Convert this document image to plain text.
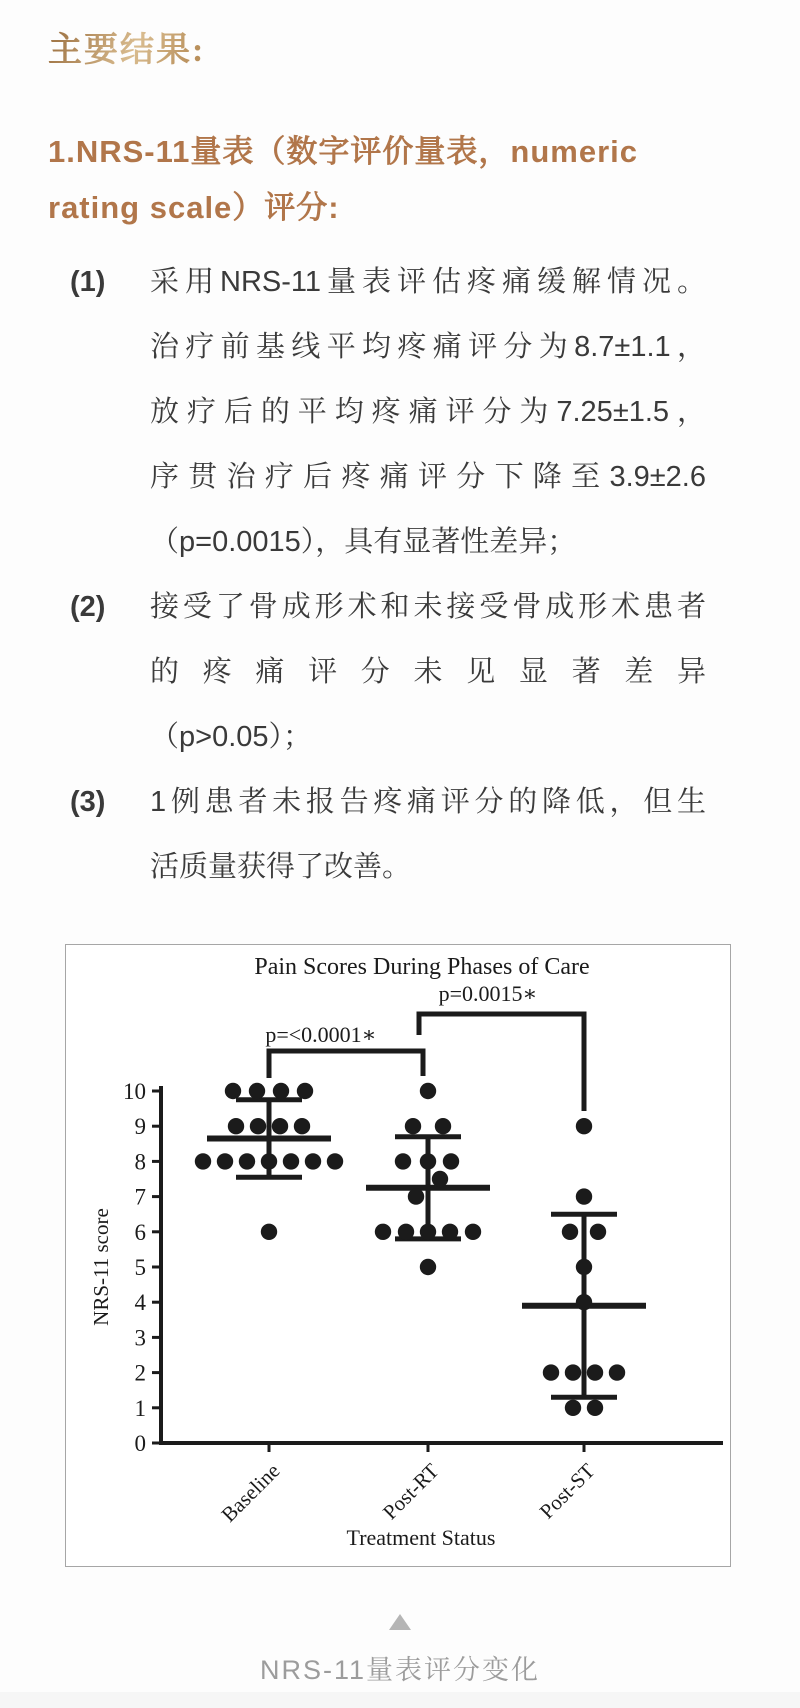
主要结果:
1.NRS-11量表（数字评价量表，numeric
rating scale）评分:
(1) 采用NRS-11量表评估疼痛缓解情况。
治疗前基线平均疼痛评分为8.7±1.1，
放疗后的平均疼痛评分为7.25±1.5，
序贯治疗后疼痛评分下降至3.9±2.6
（p=0.0015），具有显著性差异；
(2) 接受了骨成形术和未接受骨成形术患者
的疼痛评分未见显著差异
（p>0.05）；
(3) 1例患者未报告疼痛评分的降低，但生
活质量获得了改善。
Pain Scores During Phases of Care
0
1
2
3
4
5
6
7
8
9
10
p=<0.0001∗
p=0.0015∗
Baseline	Post-RT	Post-ST
Treatment Status
NRS-11 score
NRS-11量表评分变化
